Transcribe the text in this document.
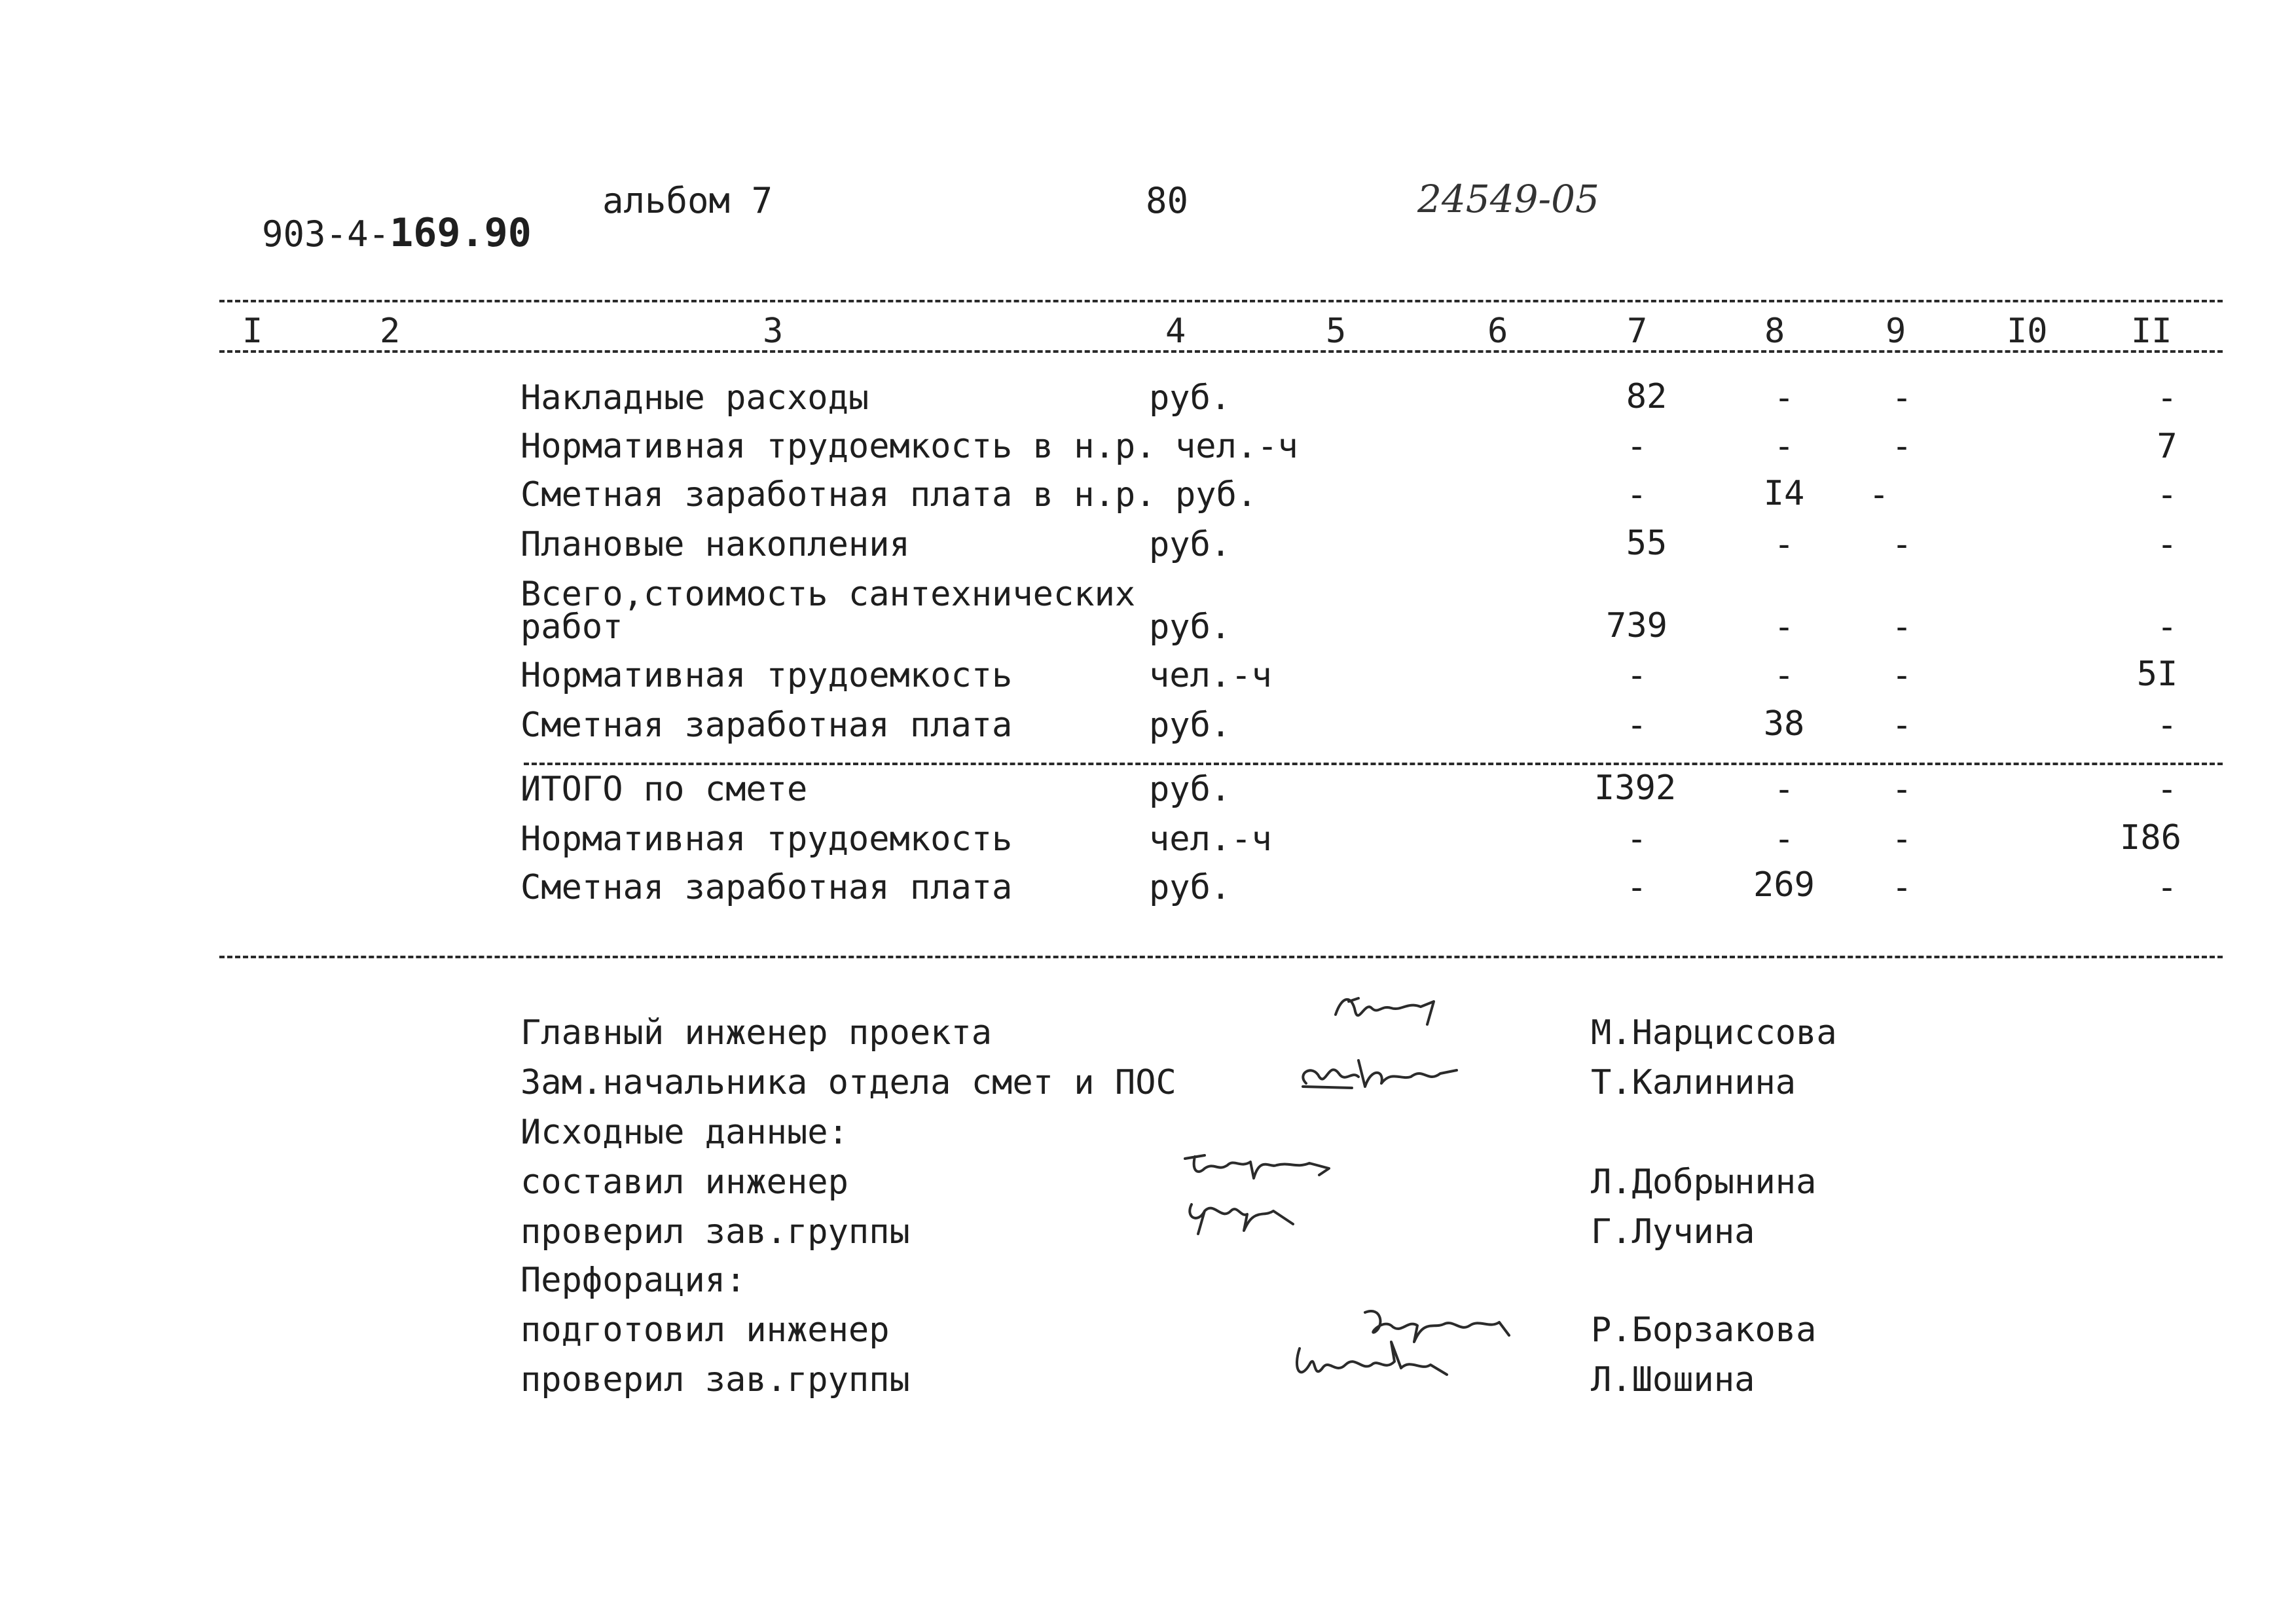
903-4-169.90

альбом 7	80	24549-05
I	2	3	4	5	6	7	8	9	I0 II
Накладные расходы	руб.	82	-	-	-
Нормативная трудоемкость в н.р. чел.-ч	-	-	-	7
Сметная заработная плата в н.р. руб.	-	I4	-	-
Плановые накопления	руб.	55	-	-	-
Всего,стоимость сантехнических
работ	руб.	739	-	-	-
Нормативная трудоемкость	чел.-ч	-	-	-	5I
Сметная заработная плата	руб.	-	38	-	-
ИТОГО по смете	руб.	I392	-	-	-
Нормативная трудоемкость	чел.-ч	-	-	-	I86
Сметная заработная плата	руб.	-	269	-	-
Главный инженер проекта	М.Нарциссова
Зам.начальника отдела смет и ПОС	Т.Калинина
Исходные данные:
составил инженер	Л.Добрынина
проверил зав.группы	Г.Лучина
Перфорация:
подготовил инженер	Р.Борзакова
проверил зав.группы	Л.Шошина
